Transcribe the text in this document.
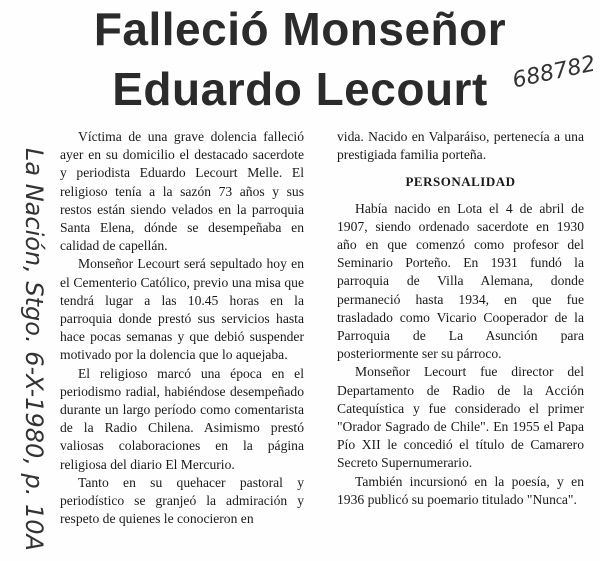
Falleció Monseñor
Eduardo Lecourt
La Nación, Stgo. 6-X-1980, p. 10A
688782

Víctima de una grave dolencia falleció ayer en su domicilio el destacado sacerdote y periodista Eduardo Lecourt Melle. El religioso tenía a la sazón 73 años y sus restos están siendo velados en la parroquia Santa Elena, dónde se desempeñaba en calidad de capellán.

Monseñor Lecourt será sepultado hoy en el Cementerio Católico, previo una misa que tendrá lugar a las 10.45 horas en la parroquia donde prestó sus servicios hasta hace pocas semanas y que debió suspender motivado por la dolencia que lo aquejaba.

El religioso marcó una época en el periodismo radial, habiéndose desempeñado durante un largo período como comentarista de la Radio Chilena. Asimismo prestó valiosas colaboraciones en la página religiosa del diario El Mercurio.

Tanto en su quehacer pastoral y periodístico se granjeó la admiración y respeto de quienes le conocieron en

vida. Nacido en Valparáiso, pertenecía a una prestigiada familia porteña.

PERSONALIDAD

Había nacido en Lota el 4 de abril de 1907, siendo ordenado sacerdote en 1930 año en que comenzó como profesor del Seminario Porteño. En 1931 fundó la parroquia de Villa Alemana, donde permaneció hasta 1934, en que fue trasladado como Vicario Cooperador de la Parroquia de La Asunción para posteriormente ser su párroco.

Monseñor Lecourt fue director del Departamento de Radio de la Acción Catequística y fue considerado el primer "Orador Sagrado de Chile". En 1955 el Papa Pío XII le concedió el título de Camarero Secreto Supernumerario.

También incursionó en la poesía, y en 1936 publicó su poemario titulado "Nunca".
